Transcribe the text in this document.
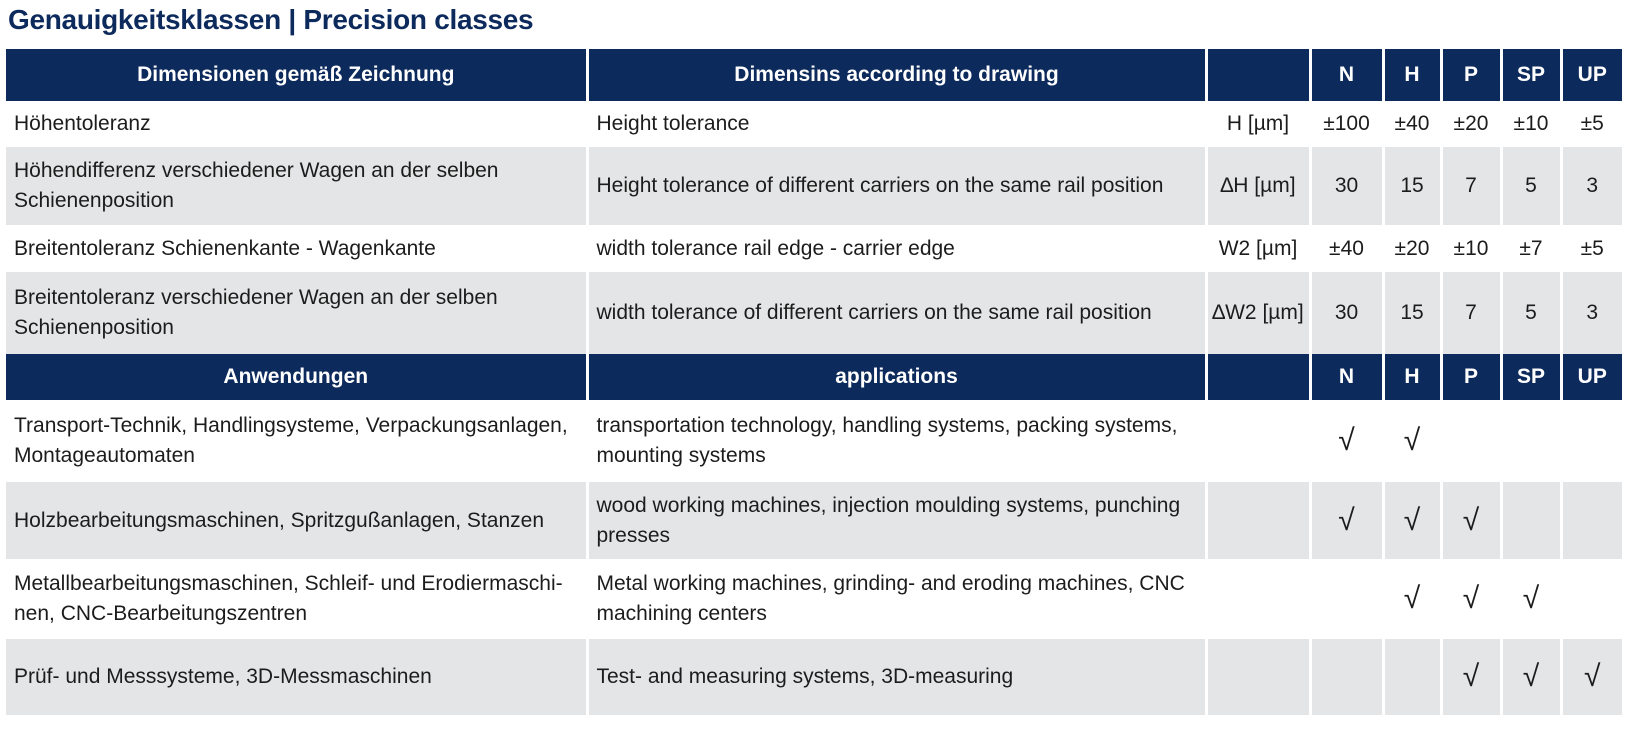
Genauigkeitsklassen | Precision classes
Dimensionen gemäß Zeichnung	Dimensins according to drawing		N	H	P	SP	UP
Höhentoleranz	Height tolerance	H [µm]	±100	±40	±20	±10	±5
Höhendifferenz verschiedener Wagen an der selben Schienenposition	Height tolerance of different carriers on the same rail position	∆H [µm]	30	15	7	5	3
Breitentoleranz Schienenkante - Wagenkante	width tolerance rail edge - carrier edge	W2 [µm]	±40	±20	±10	±7	±5
Breitentoleranz verschiedener Wagen an der selben Schienenposition	width tolerance of different carriers on the same rail position	∆W2 [µm]	30	15	7	5	3
Anwendungen	applications		N	H	P	SP	UP
Transport-Technik, Handlingsysteme, Verpackungsanlagen, Montageautomaten	transportation technology, handling systems, packing systems, mounting systems		√	√			
Holzbearbeitungsmaschinen, Spritzgußanlagen, Stanzen	wood working machines, injection moulding systems, punching presses		√	√	√		
Metallbearbeitungsmaschinen, Schleif- und Erodiermaschi-nen, CNC-Bearbeitungszentren	Metal working machines, grinding- and eroding machines, CNC machining centers			√	√	√	
Prüf- und Messsysteme, 3D-Messmaschinen	Test- and measuring systems, 3D-measuring				√	√	√
